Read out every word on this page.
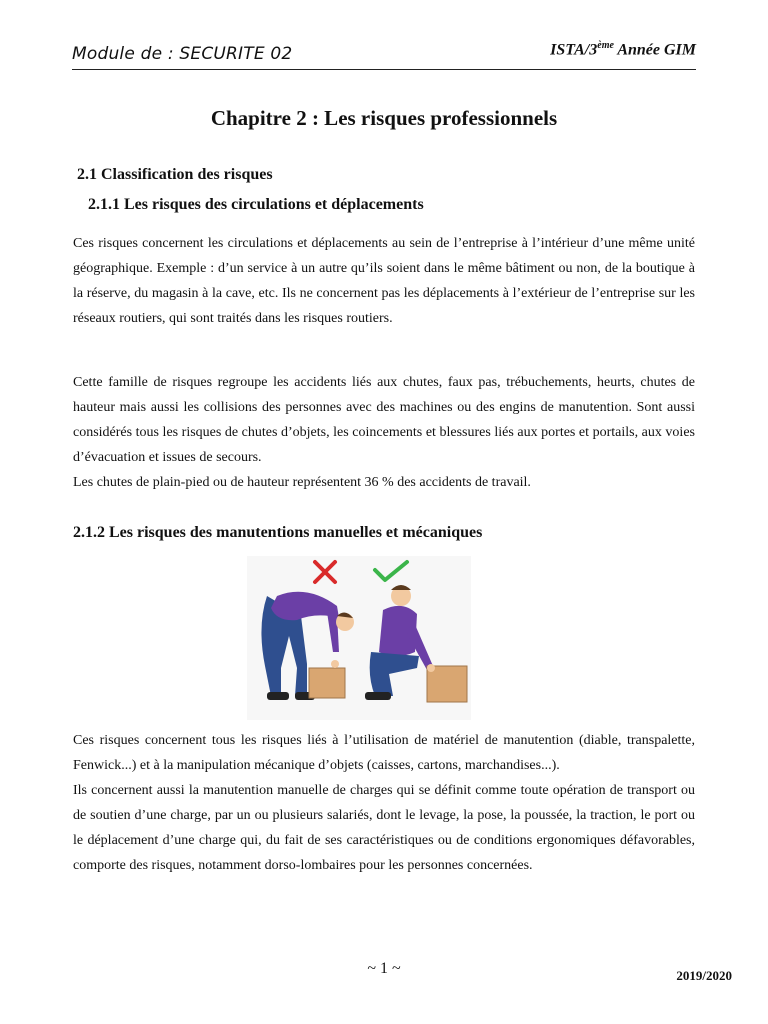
Module de : SECURITE 02	ISTA/3ème Année GIM
Chapitre 2 : Les risques professionnels
2.1 Classification des risques
2.1.1 Les risques des circulations et déplacements

Ces risques concernent les circulations et déplacements au sein de l’entreprise à l’intérieur d’une même unité géographique. Exemple : d’un service à un autre qu’ils soient dans le même bâtiment ou non, de la boutique à la réserve, du magasin à la cave, etc. Ils ne concernent pas les déplacements à l’extérieur de l’entreprise sur les réseaux routiers, qui sont traités dans les risques routiers.

Cette famille de risques regroupe les accidents liés aux chutes, faux pas, trébuchements, heurts, chutes de hauteur mais aussi les collisions des personnes avec des machines ou des engins de manutention. Sont aussi considérés tous les risques de chutes d’objets, les coincements et blessures liés aux portes et portails, aux voies d’évacuation et issues de secours.

Les chutes de plain-pied ou de hauteur représentent 36 % des accidents de travail.

2.1.2 Les risques des manutentions manuelles et mécaniques

Ces risques concernent tous les risques liés à l’utilisation de matériel de manutention (diable, transpalette, Fenwick...) et à la manipulation mécanique d’objets (caisses, cartons, marchandises...).

Ils concernent aussi la manutention manuelle de charges qui se définit comme toute opération de transport ou de soutien d’une charge, par un ou plusieurs salariés, dont le levage, la pose, la poussée, la traction, le port ou le déplacement d’une charge qui, du fait de ses caractéristiques ou de conditions ergonomiques défavorables, comporte des risques, notamment dorso-lombaires pour les personnes concernées.

~ 1 ~	2019/2020
